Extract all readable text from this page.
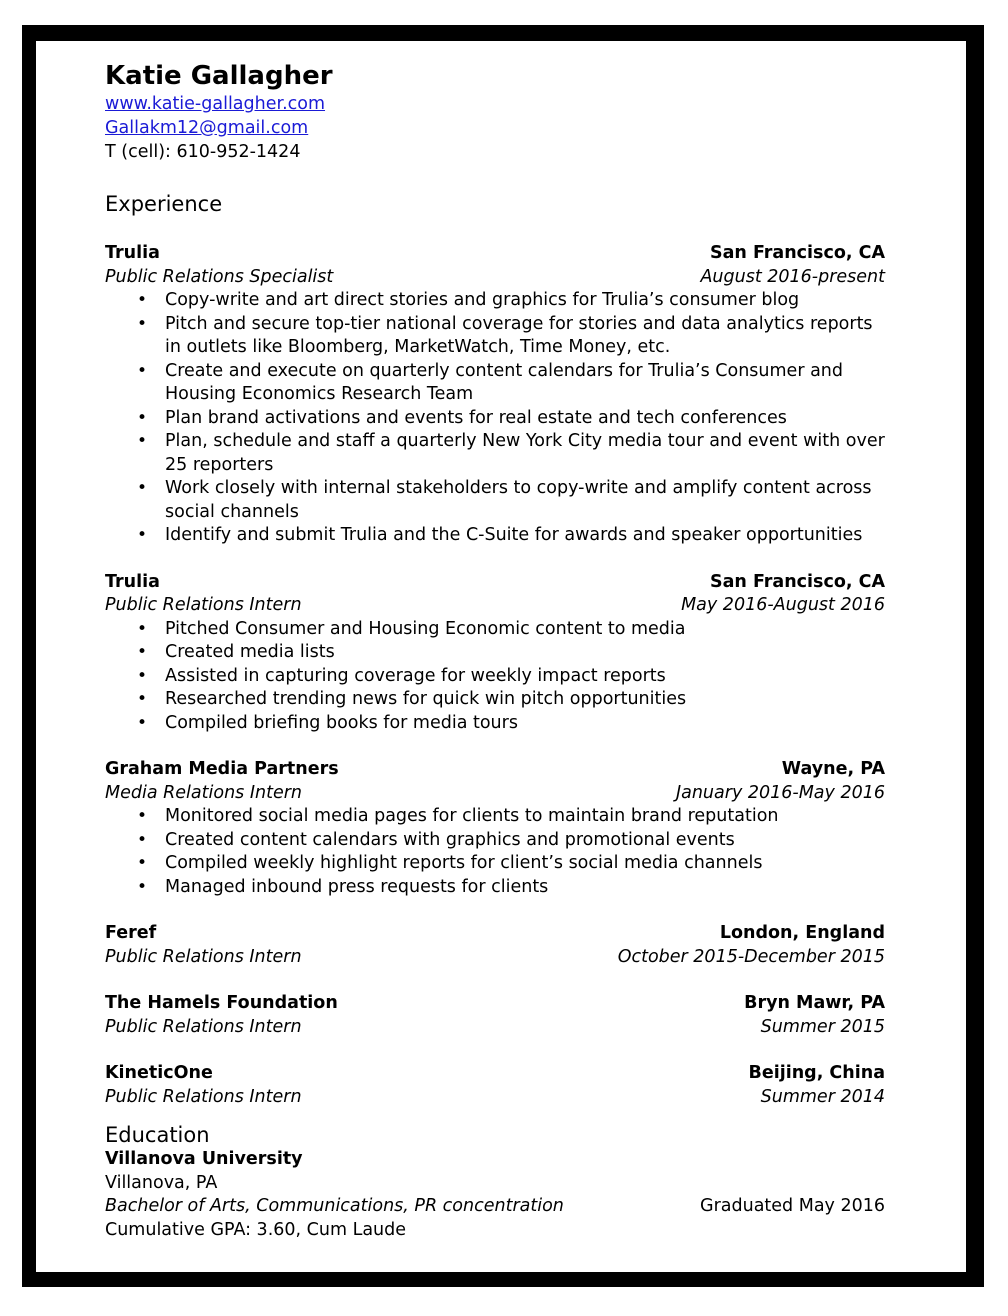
Katie Gallagher
www.katie-gallagher.com
Gallakm12@gmail.com
T (cell): 610-952-1424
Experience
Trulia	San Francisco, CA
Public Relations Specialist	August 2016-present
• Copy-write and art direct stories and graphics for Trulia’s consumer blog
• Pitch and secure top-tier national coverage for stories and data analytics reports in outlets like Bloomberg, MarketWatch, Time Money, etc.
• Create and execute on quarterly content calendars for Trulia’s Consumer and Housing Economics Research Team
• Plan brand activations and events for real estate and tech conferences
• Plan, schedule and staff a quarterly New York City media tour and event with over 25 reporters
• Work closely with internal stakeholders to copy-write and amplify content across social channels
• Identify and submit Trulia and the C-Suite for awards and speaker opportunities
Trulia	San Francisco, CA
Public Relations Intern	May 2016-August 2016
• Pitched Consumer and Housing Economic content to media
• Created media lists
• Assisted in capturing coverage for weekly impact reports
• Researched trending news for quick win pitch opportunities
• Compiled briefing books for media tours
Graham Media Partners	Wayne, PA
Media Relations Intern	January 2016-May 2016
• Monitored social media pages for clients to maintain brand reputation
• Created content calendars with graphics and promotional events
• Compiled weekly highlight reports for client’s social media channels
• Managed inbound press requests for clients
Feref	London, England
Public Relations Intern	October 2015-December 2015
The Hamels Foundation	Bryn Mawr, PA
Public Relations Intern	Summer 2015
KineticOne	Beijing, China
Public Relations Intern	Summer 2014
Education
Villanova University
Villanova, PA
Bachelor of Arts, Communications, PR concentration	Graduated May 2016
Cumulative GPA: 3.60, Cum Laude
